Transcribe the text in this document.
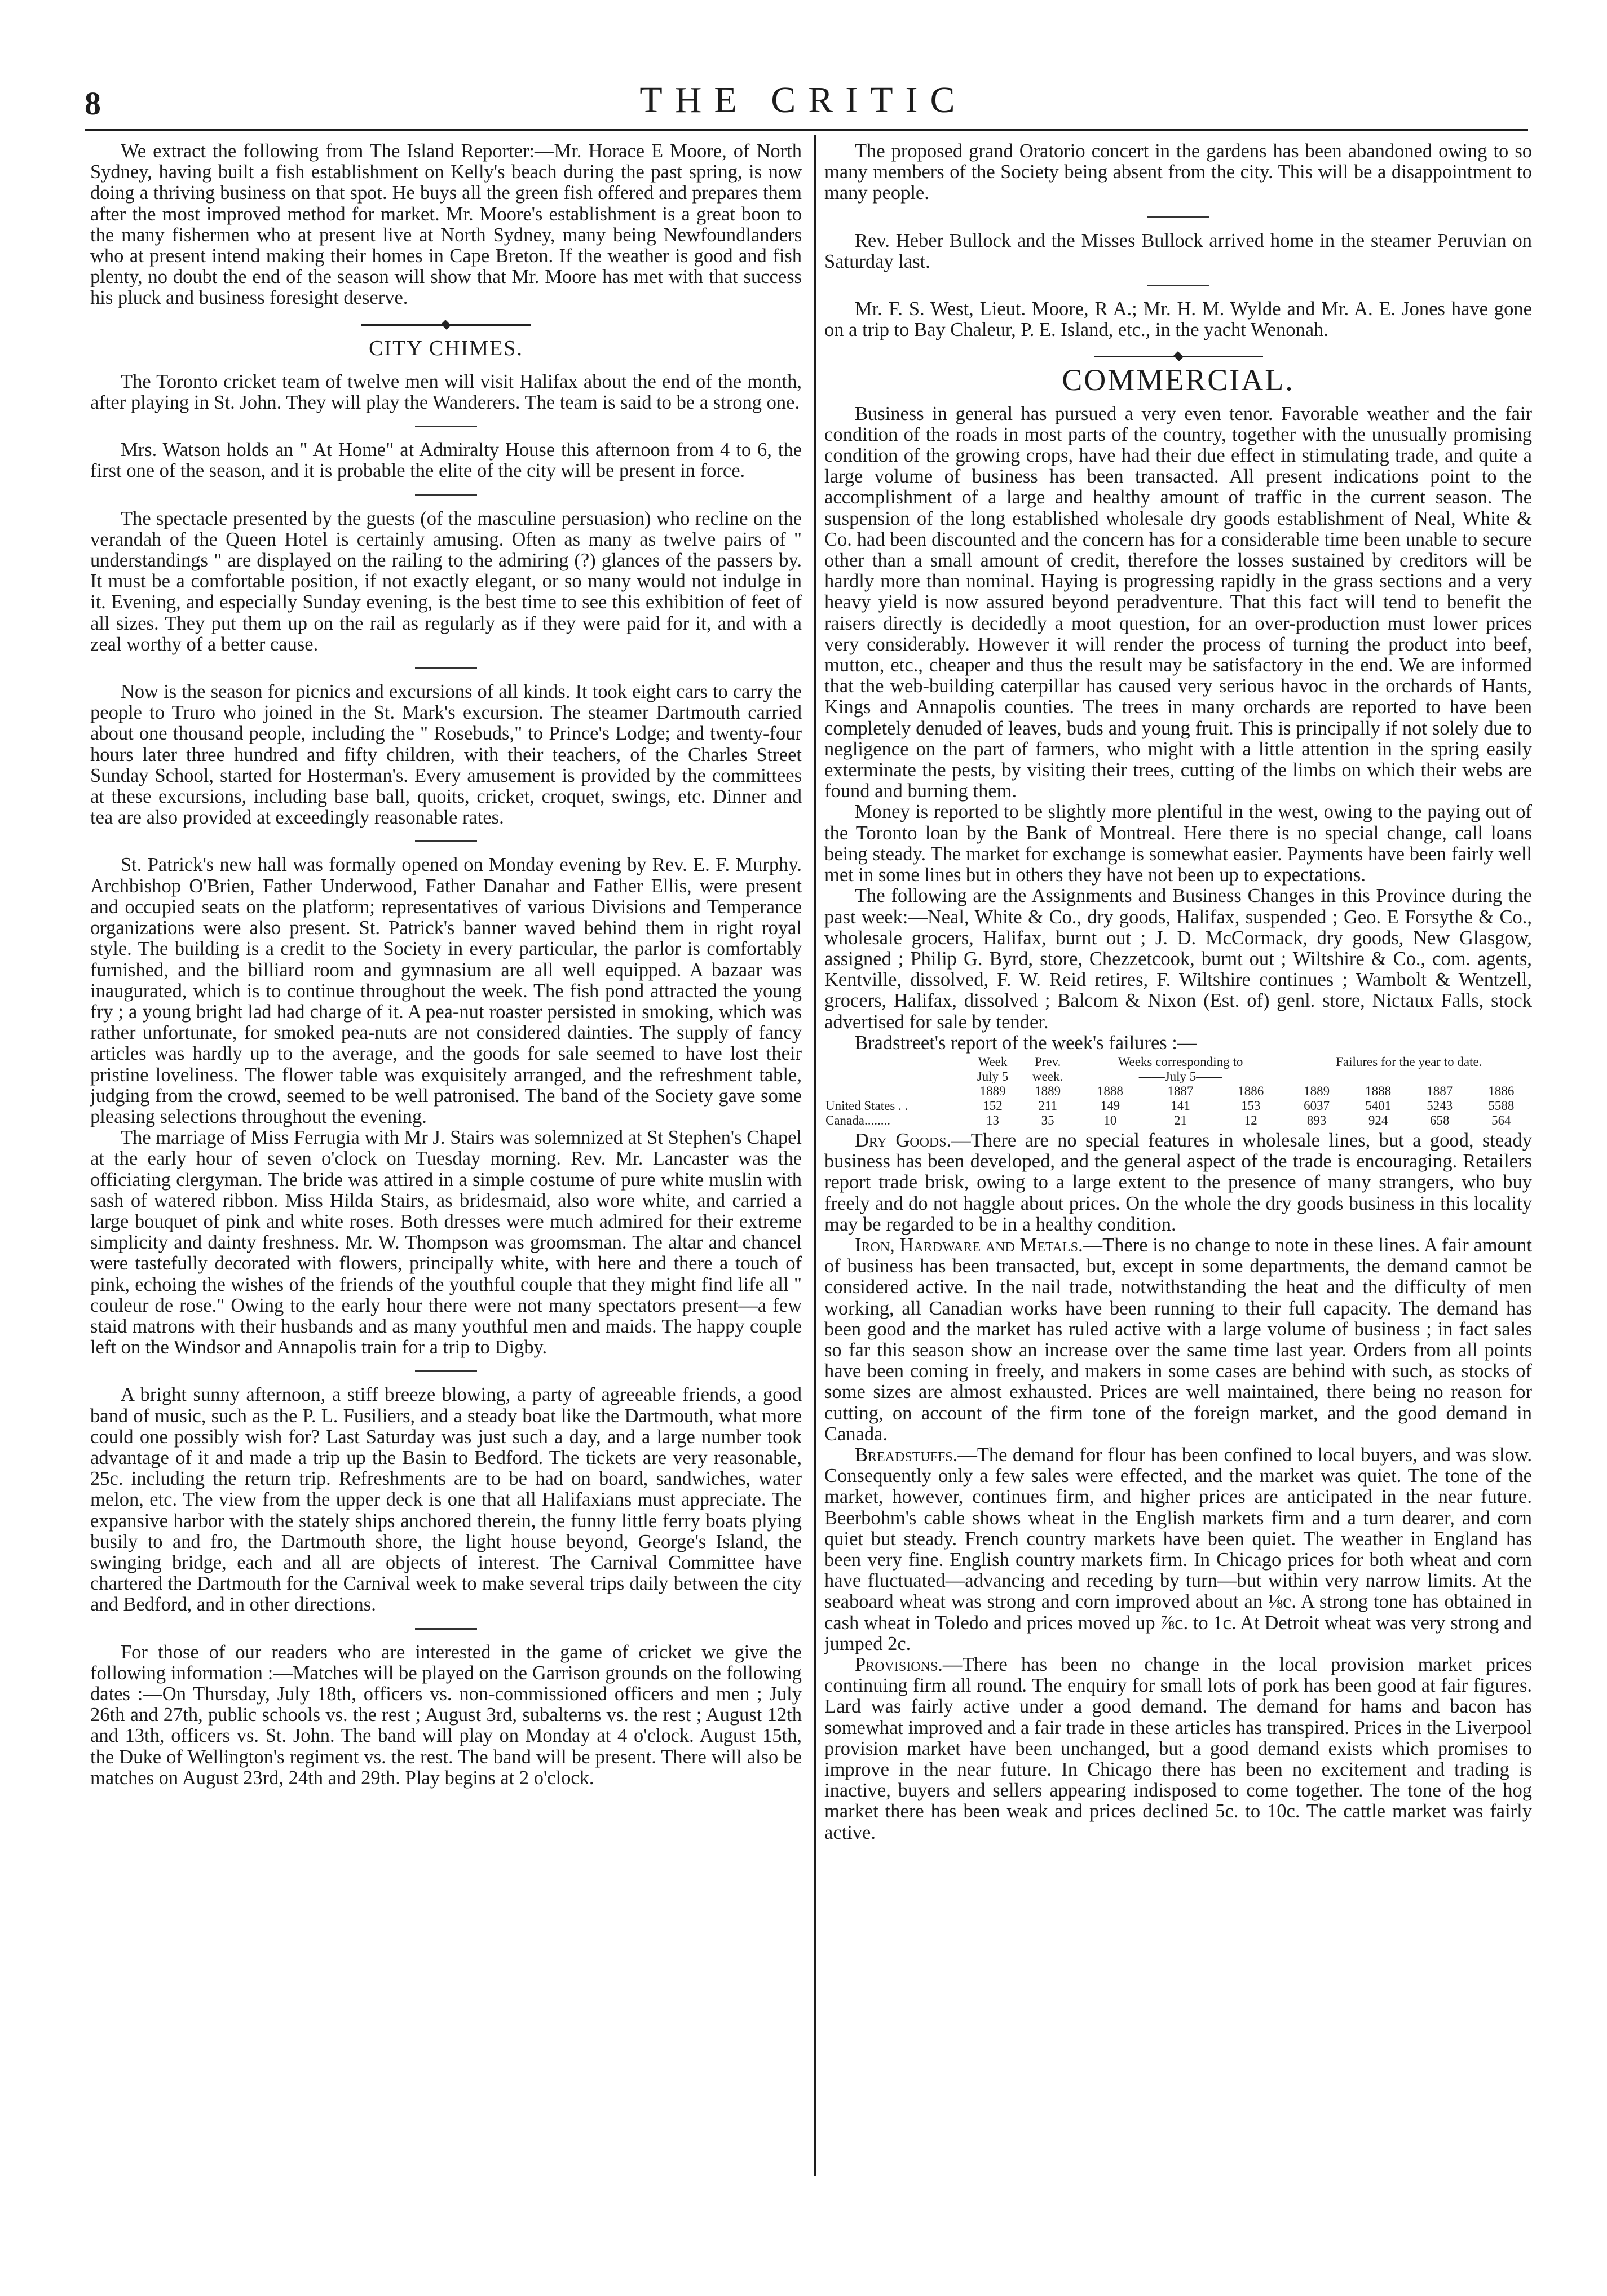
8	THE CRITIC

We extract the following from The Island Reporter:—Mr. Horace E Moore, of North Sydney, having built a fish establishment on Kelly's beach during the past spring, is now doing a thriving business on that spot. He buys all the green fish offered and prepares them after the most improved method for market. Mr. Moore's establishment is a great boon to the many fishermen who at present live at North Sydney, many being Newfoundlanders who at present intend making their homes in Cape Breton. If the weather is good and fish plenty, no doubt the end of the season will show that Mr. Moore has met with that success his pluck and business foresight deserve.

CITY CHIMES.

The Toronto cricket team of twelve men will visit Halifax about the end of the month, after playing in St. John. They will play the Wanderers. The team is said to be a strong one.

Mrs. Watson holds an " At Home" at Admiralty House this afternoon from 4 to 6, the first one of the season, and it is probable the elite of the city will be present in force.

The spectacle presented by the guests (of the masculine persuasion) who recline on the verandah of the Queen Hotel is certainly amusing. Often as many as twelve pairs of " understandings " are displayed on the railing to the admiring (?) glances of the passers by. It must be a comfortable position, if not exactly elegant, or so many would not indulge in it. Evening, and especially Sunday evening, is the best time to see this exhibition of feet of all sizes. They put them up on the rail as regularly as if they were paid for it, and with a zeal worthy of a better cause.

Now is the season for picnics and excursions of all kinds. It took eight cars to carry the people to Truro who joined in the St. Mark's excursion. The steamer Dartmouth carried about one thousand people, including the " Rosebuds," to Prince's Lodge; and twenty-four hours later three hundred and fifty children, with their teachers, of the Charles Street Sunday School, started for Hosterman's. Every amusement is provided by the committees at these excursions, including base ball, quoits, cricket, croquet, swings, etc. Dinner and tea are also provided at exceedingly reasonable rates.

St. Patrick's new hall was formally opened on Monday evening by Rev. E. F. Murphy. Archbishop O'Brien, Father Underwood, Father Danahar and Father Ellis, were present and occupied seats on the platform; representatives of various Divisions and Temperance organizations were also present. St. Patrick's banner waved behind them in right royal style. The building is a credit to the Society in every particular, the parlor is comfortably furnished, and the billiard room and gymnasium are all well equipped. A bazaar was inaugurated, which is to continue throughout the week. The fish pond attracted the young fry ; a young bright lad had charge of it. A pea-nut roaster persisted in smoking, which was rather unfortunate, for smoked pea-nuts are not considered dainties. The supply of fancy articles was hardly up to the average, and the goods for sale seemed to have lost their pristine loveliness. The flower table was exquisitely arranged, and the refreshment table, judging from the crowd, seemed to be well patronised. The band of the Society gave some pleasing selections throughout the evening.

The marriage of Miss Ferrugia with Mr J. Stairs was solemnized at St Stephen's Chapel at the early hour of seven o'clock on Tuesday morning. Rev. Mr. Lancaster was the officiating clergyman. The bride was attired in a simple costume of pure white muslin with sash of watered ribbon. Miss Hilda Stairs, as bridesmaid, also wore white, and carried a large bouquet of pink and white roses. Both dresses were much admired for their extreme simplicity and dainty freshness. Mr. W. Thompson was groomsman. The altar and chancel were tastefully decorated with flowers, principally white, with here and there a touch of pink, echoing the wishes of the friends of the youthful couple that they might find life all " couleur de rose." Owing to the early hour there were not many spectators present—a few staid matrons with their husbands and as many youthful men and maids. The happy couple left on the Windsor and Annapolis train for a trip to Digby.

A bright sunny afternoon, a stiff breeze blowing, a party of agreeable friends, a good band of music, such as the P. L. Fusiliers, and a steady boat like the Dartmouth, what more could one possibly wish for? Last Saturday was just such a day, and a large number took advantage of it and made a trip up the Basin to Bedford. The tickets are very reasonable, 25c. including the return trip. Refreshments are to be had on board, sandwiches, water melon, etc. The view from the upper deck is one that all Halifaxians must appreciate. The expansive harbor with the stately ships anchored therein, the funny little ferry boats plying busily to and fro, the Dartmouth shore, the light house beyond, George's Island, the swinging bridge, each and all are objects of interest. The Carnival Committee have chartered the Dartmouth for the Carnival week to make several trips daily between the city and Bedford, and in other directions.

For those of our readers who are interested in the game of cricket we give the following information :—Matches will be played on the Garrison grounds on the following dates :—On Thursday, July 18th, officers vs. non-commissioned officers and men ; July 26th and 27th, public schools vs. the rest ; August 3rd, subalterns vs. the rest ; August 12th and 13th, officers vs. St. John. The band will play on Monday at 4 o'clock. August 15th, the Duke of Wellington's regiment vs. the rest. The band will be present. There will also be matches on August 23rd, 24th and 29th. Play begins at 2 o'clock.

The proposed grand Oratorio concert in the gardens has been abandoned owing to so many members of the Society being absent from the city. This will be a disappointment to many people.

Rev. Heber Bullock and the Misses Bullock arrived home in the steamer Peruvian on Saturday last.

Mr. F. S. West, Lieut. Moore, R A.; Mr. H. M. Wylde and Mr. A. E. Jones have gone on a trip to Bay Chaleur, P. E. Island, etc., in the yacht Wenonah.

COMMERCIAL.

Business in general has pursued a very even tenor. Favorable weather and the fair condition of the roads in most parts of the country, together with the unusually promising condition of the growing crops, have had their due effect in stimulating trade, and quite a large volume of business has been transacted. All present indications point to the accomplishment of a large and healthy amount of traffic in the current season. The suspension of the long established wholesale dry goods establishment of Neal, White & Co. had been discounted and the concern has for a considerable time been unable to secure other than a small amount of credit, therefore the losses sustained by creditors will be hardly more than nominal. Haying is progressing rapidly in the grass sections and a very heavy yield is now assured beyond peradventure. That this fact will tend to benefit the raisers directly is decidedly a moot question, for an over-production must lower prices very considerably. However it will render the process of turning the product into beef, mutton, etc., cheaper and thus the result may be satisfactory in the end. We are informed that the web-building caterpillar has caused very serious havoc in the orchards of Hants, Kings and Annapolis counties. The trees in many orchards are reported to have been completely denuded of leaves, buds and young fruit. This is principally if not solely due to negligence on the part of farmers, who might with a little attention in the spring easily exterminate the pests, by visiting their trees, cutting of the limbs on which their webs are found and burning them.

Money is reported to be slightly more plentiful in the west, owing to the paying out of the Toronto loan by the Bank of Montreal. Here there is no special change, call loans being steady. The market for exchange is somewhat easier. Payments have been fairly well met in some lines but in others they have not been up to expectations.

The following are the Assignments and Business Changes in this Province during the past week:—Neal, White & Co., dry goods, Halifax, suspended ; Geo. E Forsythe & Co., wholesale grocers, Halifax, burnt out ; J. D. McCormack, dry goods, New Glasgow, assigned ; Philip G. Byrd, store, Chezzetcook, burnt out ; Wiltshire & Co., com. agents, Kentville, dissolved, F. W. Reid retires, F. Wiltshire continues ; Wambolt & Wentzell, grocers, Halifax, dissolved ; Balcom & Nixon (Est. of) genl. store, Nictaux Falls, stock advertised for sale by tender.

Bradstreet's report of the week's failures :—

	Week	Prev.	Weeks corresponding to			Failures for the year to date.			
	July 5	week.	——July 5——						
	1889	1889	1888	1887	1886	1889	1888	1887	1886
United States . .	152	211	149	141	153	6037	5401	5243	5588
Canada........	13	35	10	21	12	893	924	658	564

Dry Goods.—There are no special features in wholesale lines, but a good, steady business has been developed, and the general aspect of the trade is encouraging. Retailers report trade brisk, owing to a large extent to the presence of many strangers, who buy freely and do not haggle about prices. On the whole the dry goods business in this locality may be regarded to be in a healthy condition.

Iron, Hardware and Metals.—There is no change to note in these lines. A fair amount of business has been transacted, but, except in some departments, the demand cannot be considered active. In the nail trade, notwithstanding the heat and the difficulty of men working, all Canadian works have been running to their full capacity. The demand has been good and the market has ruled active with a large volume of business ; in fact sales so far this season show an increase over the same time last year. Orders from all points have been coming in freely, and makers in some cases are behind with such, as stocks of some sizes are almost exhausted. Prices are well maintained, there being no reason for cutting, on account of the firm tone of the foreign market, and the good demand in Canada.

Breadstuffs.—The demand for flour has been confined to local buyers, and was slow. Consequently only a few sales were effected, and the market was quiet. The tone of the market, however, continues firm, and higher prices are anticipated in the near future. Beerbohm's cable shows wheat in the English markets firm and a turn dearer, and corn quiet but steady. French country markets have been quiet. The weather in England has been very fine. English country markets firm. In Chicago prices for both wheat and corn have fluctuated—advancing and receding by turn—but within very narrow limits. At the seaboard wheat was strong and corn improved about an ⅛c. A strong tone has obtained in cash wheat in Toledo and prices moved up ⅞c. to 1c. At Detroit wheat was very strong and jumped 2c.

Provisions.—There has been no change in the local provision market prices continuing firm all round. The enquiry for small lots of pork has been good at fair figures. Lard was fairly active under a good demand. The demand for hams and bacon has somewhat improved and a fair trade in these articles has transpired. Prices in the Liverpool provision market have been unchanged, but a good demand exists which promises to improve in the near future. In Chicago there has been no excitement and trading is inactive, buyers and sellers appearing indisposed to come together. The tone of the hog market there has been weak and prices declined 5c. to 10c. The cattle market was fairly active.
